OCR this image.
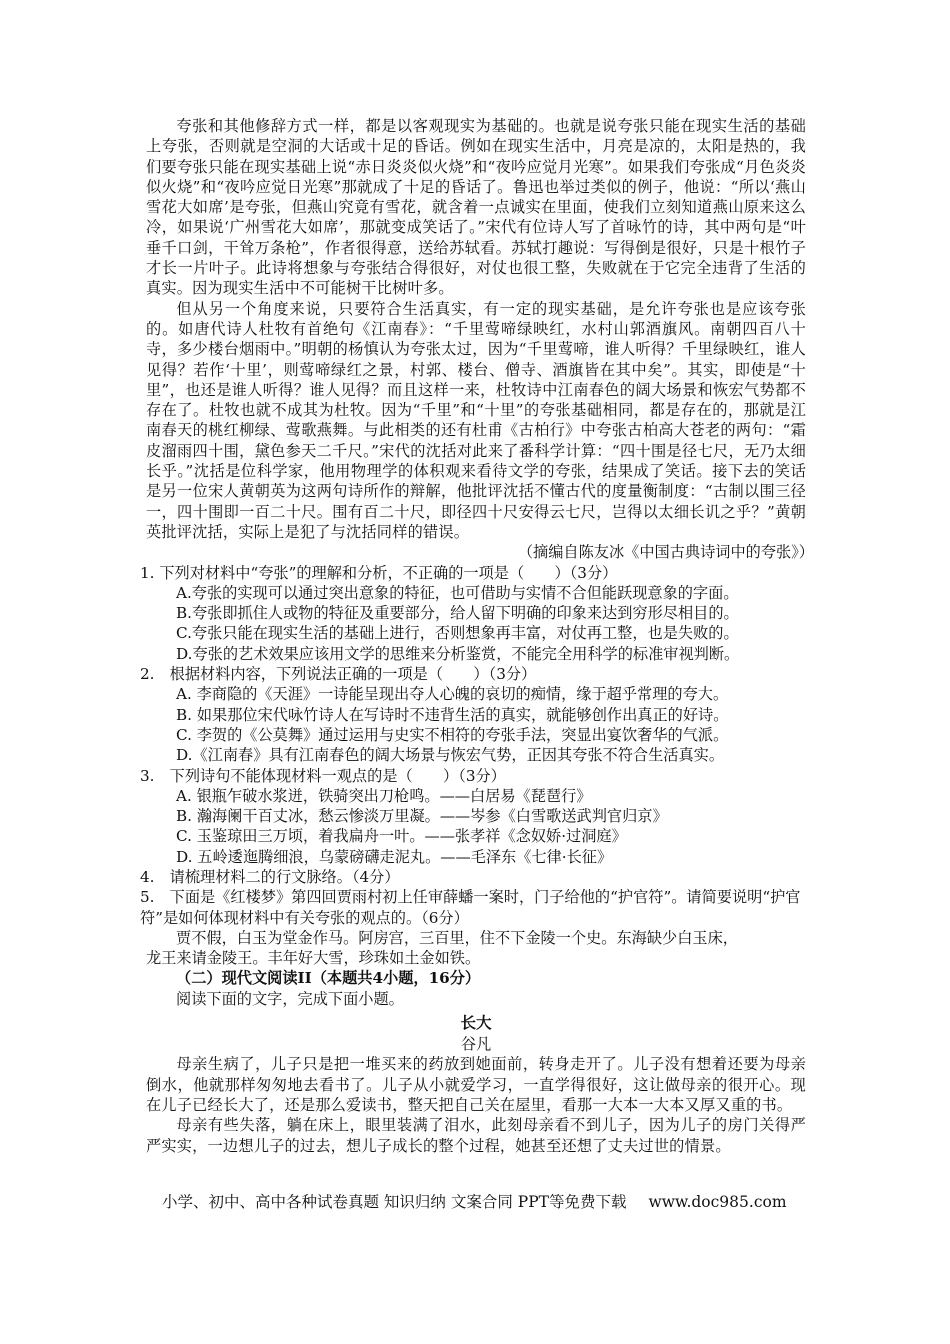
夸张和其他修辞方式一样，都是以客观现实为基础的。也就是说夸张只能在现实生活的基础上夸张，否则就是空洞的大话或十足的昏话。例如在现实生活中，月亮是凉的，太阳是热的，我们要夸张只能在现实基础上说“赤日炎炎似火烧”和“夜吟应觉月光寒”。如果我们夸张成“月色炎炎似火烧”和“夜吟应觉日光寒”那就成了十足的昏话了。鲁迅也举过类似的例子，他说：“所以‘燕山雪花大如席’是夸张，但燕山究竟有雪花，就含着一点诚实在里面，使我们立刻知道燕山原来这么冷，如果说‘广州雪花大如席’，那就变成笑话了。”宋代有位诗人写了首咏竹的诗，其中两句是“叶垂千口剑，干耸万条枪”，作者很得意，送给苏轼看。苏轼打趣说：写得倒是很好，只是十根竹子才长一片叶子。此诗将想象与夸张结合得很好，对仗也很工整，失败就在于它完全违背了生活的真实。因为现实生活中不可能树干比树叶多。

但从另一个角度来说，只要符合生活真实，有一定的现实基础，是允许夸张也是应该夸张的。如唐代诗人杜牧有首绝句《江南春》：“千里莺啼绿映红，水村山郭酒旗风。南朝四百八十寺，多少楼台烟雨中。”明朝的杨慎认为夸张太过，因为“千里莺啼，谁人听得？千里绿映红，谁人见得？若作‘十里’，则莺啼绿红之景，村郭、楼台、僧寺、酒旗皆在其中矣”。其实，即使是“十里”，也还是谁人听得？谁人见得？而且这样一来，杜牧诗中江南春色的阔大场景和恢宏气势都不存在了。杜牧也就不成其为杜牧。因为“千里”和“十里”的夸张基础相同，都是存在的，那就是江南春天的桃红柳绿、莺歌燕舞。与此相类的还有杜甫《古柏行》中夸张古柏高大苍老的两句：“霜皮溜雨四十围，黛色参天二千尺。”宋代的沈括对此来了番科学计算：“四十围是径七尺，无乃太细长乎。”沈括是位科学家，他用物理学的体积观来看待文学的夸张，结果成了笑话。接下去的笑话是另一位宋人黄朝英为这两句诗所作的辩解，他批评沈括不懂古代的度量衡制度：“古制以围三径一，四十围即一百二十尺。围有百二十尺，即径四十尺安得云七尺，岂得以太细长讥之乎？”黄朝英批评沈括，实际上是犯了与沈括同样的错误。

（摘编自陈友冰《中国古典诗词中的夸张》）

1. 下列对材料中“夸张”的理解和分析，不正确的一项是（　　）（3分）

A.夸张的实现可以通过突出意象的特征，也可借助与实情不合但能跃现意象的字面。

B.夸张即抓住人或物的特征及重要部分，给人留下明确的印象来达到穷形尽相目的。

C.夸张只能在现实生活的基础上进行，否则想象再丰富，对仗再工整，也是失败的。

D.夸张的艺术效果应该用文学的思维来分析鉴赏，不能完全用科学的标准审视判断。

2.　根据材料内容，下列说法正确的一项是（　　）（3分）

A. 李商隐的《天涯》一诗能呈现出夺人心魄的哀切的痴情，缘于超乎常理的夸大。

B. 如果那位宋代咏竹诗人在写诗时不违背生活的真实，就能够创作出真正的好诗。

C. 李贺的《公莫舞》通过运用与史实不相符的夸张手法，突显出宴饮奢华的气派。

D.《江南春》具有江南春色的阔大场景与恢宏气势，正因其夸张不符合生活真实。

3.　下列诗句不能体现材料一观点的是（　　）（3分）

A. 银瓶乍破水浆迸，铁骑突出刀枪鸣。——白居易《琵琶行》

B. 瀚海阑干百丈冰，愁云惨淡万里凝。——岑参《白雪歌送武判官归京》

C. 玉鉴琼田三万顷，着我扁舟一叶。——张孝祥《念奴娇·过洞庭》

D. 五岭逶迤腾细浪，乌蒙磅礴走泥丸。——毛泽东《七律·长征》

4.　请梳理材料二的行文脉络。（4分）

5.　下面是《红楼梦》第四回贾雨村初上任审薛蟠一案时，门子给他的“护官符”。请简要说明“护官符”是如何体现材料中有关夸张的观点的。（6分）

贾不假，白玉为堂金作马。阿房宫，三百里，住不下金陵一个史。东海缺少白玉床，

龙王来请金陵王。丰年好大雪，珍珠如土金如铁。

（二）现代文阅读II（本题共4小题，16分）

阅读下面的文字，完成下面小题。

长大

谷凡

母亲生病了，儿子只是把一堆买来的药放到她面前，转身走开了。儿子没有想着还要为母亲倒水，他就那样匆匆地去看书了。儿子从小就爱学习，一直学得很好，这让做母亲的很开心。现在儿子已经长大了，还是那么爱读书，整天把自己关在屋里，看那一大本一大本又厚又重的书。

母亲有些失落，躺在床上，眼里装满了泪水，此刻母亲看不到儿子，因为儿子的房门关得严严实实，一边想儿子的过去，想儿子成长的整个过程，她甚至还想了丈夫过世的情景。

小学、初中、高中各种试卷真题 知识归纳 文案合同 PPT等免费下载 www.doc985.com
